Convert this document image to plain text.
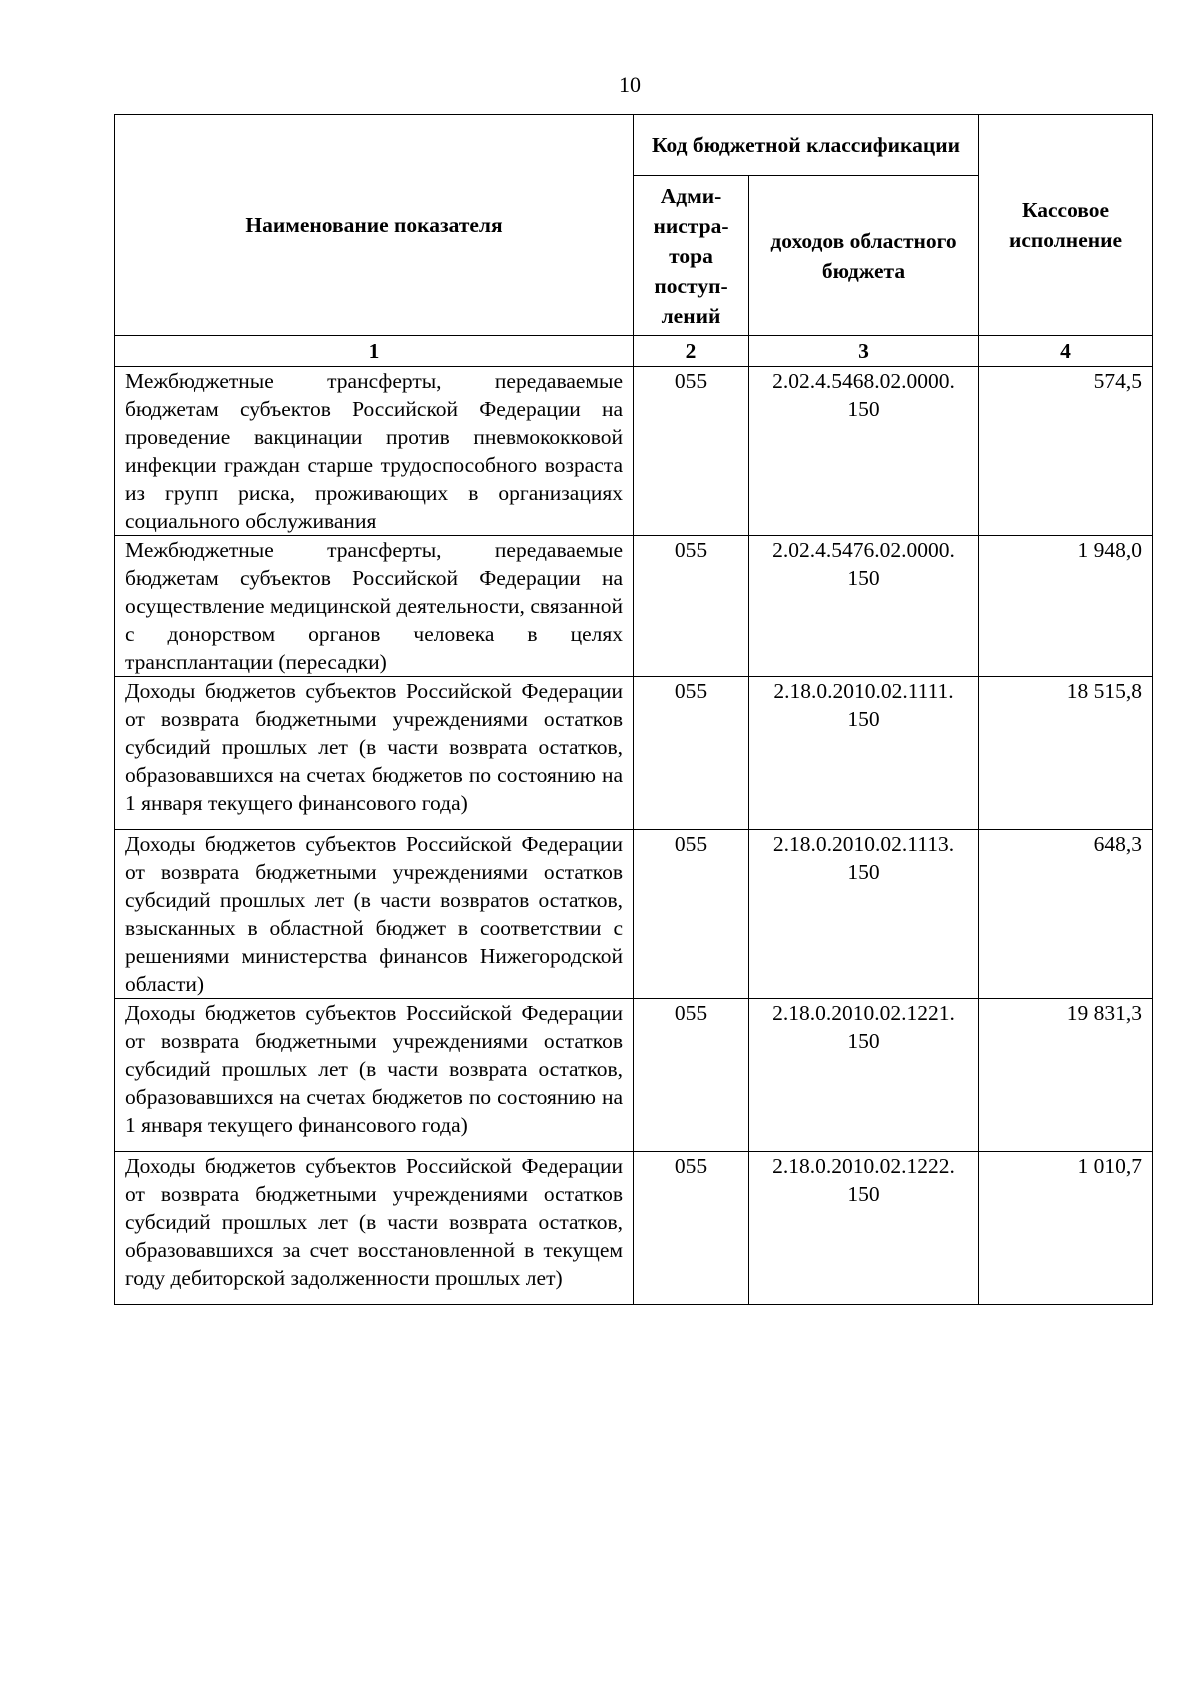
10
Наименование показателя	Код бюджетной классификации		Кассовое исполнение
	Адми-нистра-тора поступ-лений	доходов областного бюджета	
1	2	3	4
Межбюджетные трансферты, передаваемые бюджетам субъектов Российской Федерации на проведение вакцинации против пневмококковой инфекции граждан старше трудоспособного возраста из групп риска, проживающих в организациях социального обслуживания	055	2.02.4.5468.02.0000. 150	574,5
Межбюджетные трансферты, передаваемые бюджетам субъектов Российской Федерации на осуществление медицинской деятельности, связанной с донорством органов человека в целях трансплантации (пересадки)	055	2.02.4.5476.02.0000. 150	1 948,0
Доходы бюджетов субъектов Российской Федерации от возврата бюджетными учреждениями остатков субсидий прошлых лет (в части возврата остатков, образовавшихся на счетах бюджетов по состоянию на 1 января текущего финансового года)	055	2.18.0.2010.02.1111. 150	18 515,8
Доходы бюджетов субъектов Российской Федерации от возврата бюджетными учреждениями остатков субсидий прошлых лет (в части возвратов остатков, взысканных в областной бюджет в соответствии с решениями министерства финансов Нижегородской области)	055	2.18.0.2010.02.1113. 150	648,3
Доходы бюджетов субъектов Российской Федерации от возврата бюджетными учреждениями остатков субсидий прошлых лет (в части возврата остатков, образовавшихся на счетах бюджетов по состоянию на 1 января текущего финансового года)	055	2.18.0.2010.02.1221. 150	19 831,3
Доходы бюджетов субъектов Российской Федерации от возврата бюджетными учреждениями остатков субсидий прошлых лет (в части возврата остатков, образовавшихся за счет восстановленной в текущем году дебиторской задолженности прошлых лет)	055	2.18.0.2010.02.1222. 150	1 010,7
